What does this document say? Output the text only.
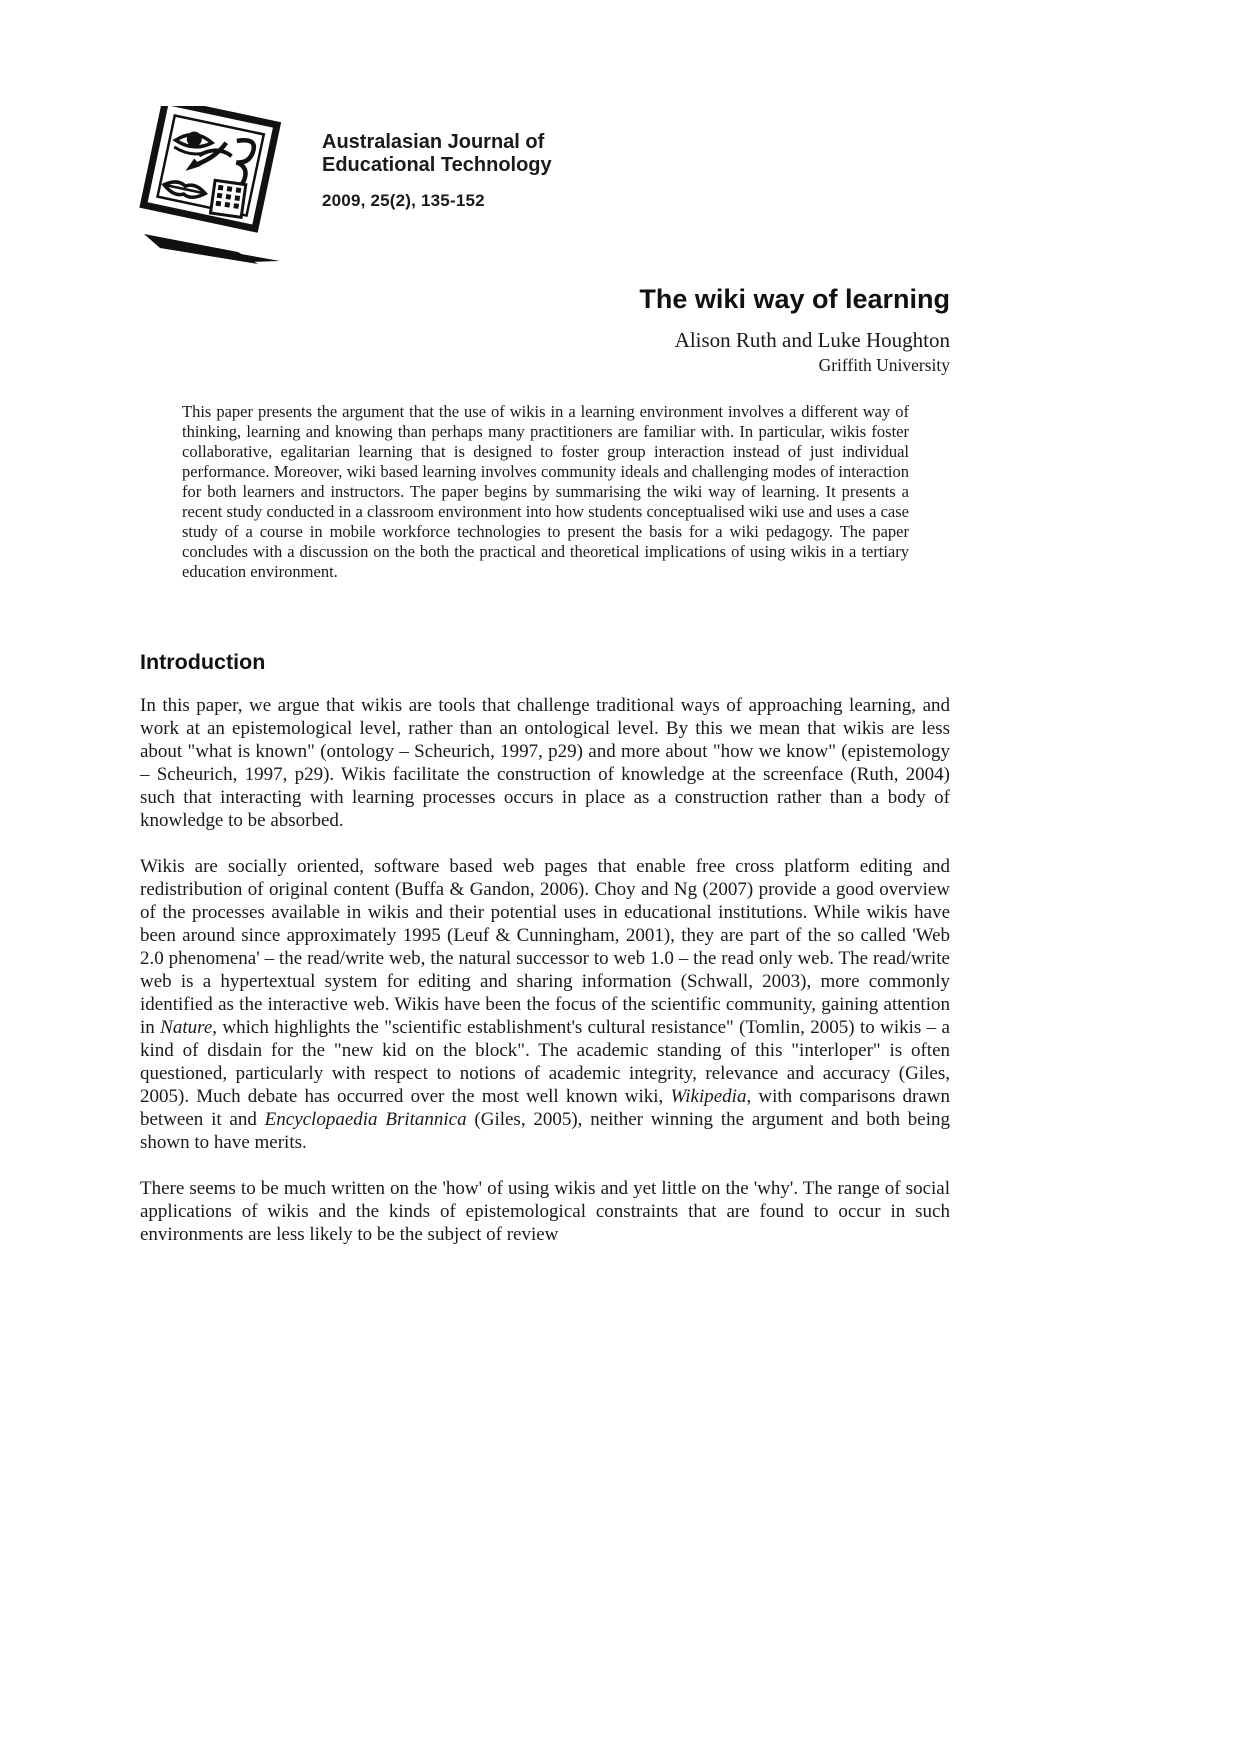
Australasian Journal of
Educational Technology
2009, 25(2), 135-152
The wiki way of learning
Alison Ruth and Luke Houghton
Griffith University
This paper presents the argument that the use of wikis in a learning environment involves a different way of thinking, learning and knowing than perhaps many practitioners are familiar with. In particular, wikis foster collaborative, egalitarian learning that is designed to foster group interaction instead of just individual performance. Moreover, wiki based learning involves community ideals and challenging modes of interaction for both learners and instructors. The paper begins by summarising the wiki way of learning. It presents a recent study conducted in a classroom environment into how students conceptualised wiki use and uses a case study of a course in mobile workforce technologies to present the basis for a wiki pedagogy. The paper concludes with a discussion on the both the practical and theoretical implications of using wikis in a tertiary education environment.
Introduction

In this paper, we argue that wikis are tools that challenge traditional ways of approaching learning, and work at an epistemological level, rather than an ontological level. By this we mean that wikis are less about "what is known" (ontology – Scheurich, 1997, p29) and more about "how we know" (epistemology – Scheurich, 1997, p29). Wikis facilitate the construction of knowledge at the screenface (Ruth, 2004) such that interacting with learning processes occurs in place as a construction rather than a body of knowledge to be absorbed.

Wikis are socially oriented, software based web pages that enable free cross platform editing and redistribution of original content (Buffa & Gandon, 2006). Choy and Ng (2007) provide a good overview of the processes available in wikis and their potential uses in educational institutions. While wikis have been around since approximately 1995 (Leuf & Cunningham, 2001), they are part of the so called 'Web 2.0 phenomena' – the read/write web, the natural successor to web 1.0 – the read only web. The read/write web is a hypertextual system for editing and sharing information (Schwall, 2003), more commonly identified as the interactive web. Wikis have been the focus of the scientific community, gaining attention in Nature, which highlights the "scientific establishment's cultural resistance" (Tomlin, 2005) to wikis – a kind of disdain for the "new kid on the block". The academic standing of this "interloper" is often questioned, particularly with respect to notions of academic integrity, relevance and accuracy (Giles, 2005). Much debate has occurred over the most well known wiki, Wikipedia, with comparisons drawn between it and Encyclopaedia Britannica (Giles, 2005), neither winning the argument and both being shown to have merits.

There seems to be much written on the 'how' of using wikis and yet little on the 'why'. The range of social applications of wikis and the kinds of epistemological constraints that are found to occur in such environments are less likely to be the subject of review
